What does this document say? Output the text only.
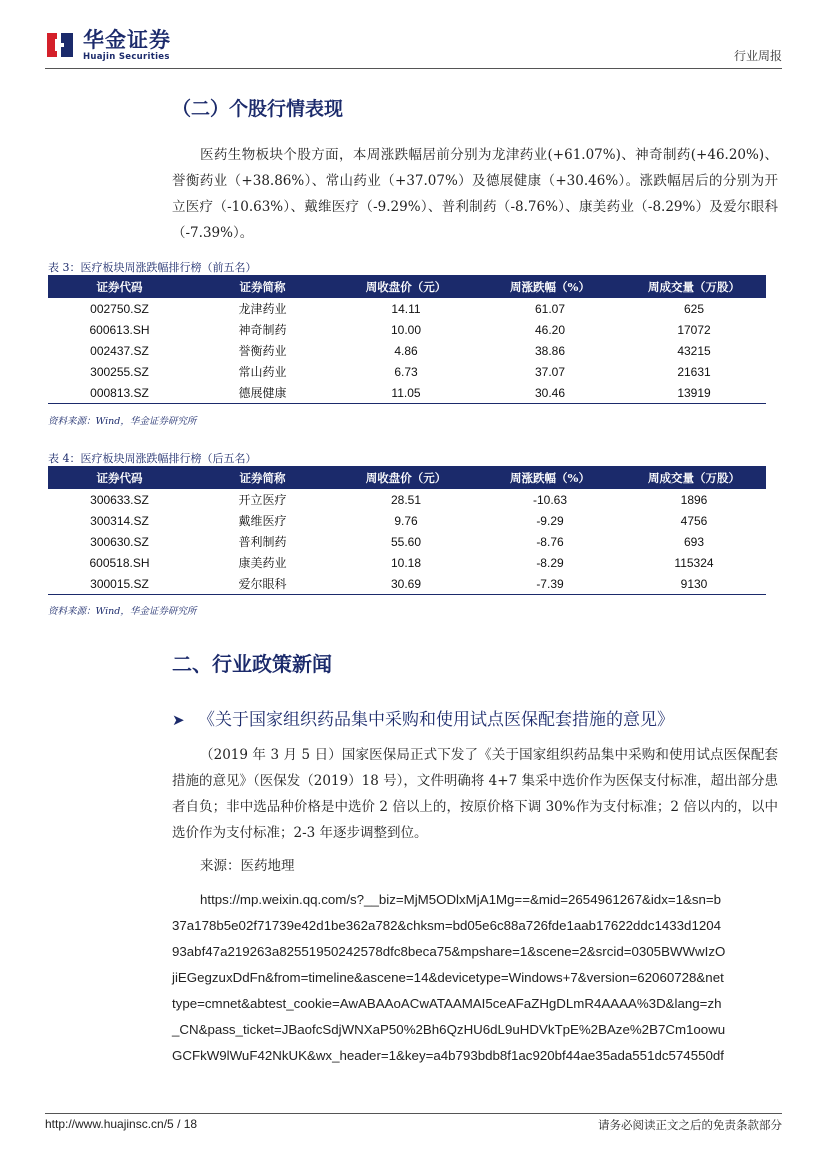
华金证券
Huajin Securities	行业周报
（二）个股行情表现
医药生物板块个股方面，本周涨跌幅居前分别为龙津药业(+61.07%)、神奇制药(+46.20%)、誉衡药业（+38.86%）、常山药业（+37.07%）及德展健康（+30.46%）。涨跌幅居后的分别为开立医疗（-10.63%）、戴维医疗（-9.29%）、普利制药（-8.76%）、康美药业（-8.29%）及爱尔眼科（-7.39%）。
表 3：医疗板块周涨跌幅排行榜（前五名）
证券代码	证券简称	周收盘价（元）	周涨跌幅（%）	周成交量（万股）
002750.SZ	龙津药业	14.11	61.07	625
600613.SH	神奇制药	10.00	46.20	17072
002437.SZ	誉衡药业	4.86	38.86	43215
300255.SZ	常山药业	6.73	37.07	21631
000813.SZ	德展健康	11.05	30.46	13919
资料来源：Wind，华金证券研究所
表 4：医疗板块周涨跌幅排行榜（后五名）
证券代码	证券简称	周收盘价（元）	周涨跌幅（%）	周成交量（万股）
300633.SZ	开立医疗	28.51	-10.63	1896
300314.SZ	戴维医疗	9.76	-9.29	4756
300630.SZ	普利制药	55.60	-8.76	693
600518.SH	康美药业	10.18	-8.29	115324
300015.SZ	爱尔眼科	30.69	-7.39	9130
资料来源：Wind，华金证券研究所
二、行业政策新闻
➤ 《关于国家组织药品集中采购和使用试点医保配套措施的意见》
（2019 年 3 月 5 日）国家医保局正式下发了《关于国家组织药品集中采购和使用试点医保配套措施的意见》（医保发（2019）18 号），文件明确将 4+7 集采中选价作为医保支付标准，超出部分患者自负；非中选品种价格是中选价 2 倍以上的，按原价格下调 30%作为支付标准；2 倍以内的，以中选价作为支付标准；2-3 年逐步调整到位。
来源：医药地理
https://mp.weixin.qq.com/s?__biz=MjM5ODlxMjA1Mg==&mid=2654961267&idx=1&sn=b
37a178b5e02f71739e42d1be362a782&chksm=bd05e6c88a726fde1aab17622ddc1433d1204
93abf47a219263a82551950242578dfc8beca75&mpshare=1&scene=2&srcid=0305BWWwIzO
jiEGegzuxDdFn&from=timeline&ascene=14&devicetype=Windows+7&version=62060728&net
type=cmnet&abtest_cookie=AwABAAoACwATAAMAI5ceAFaZHgDLmR4AAAA%3D&lang=zh
_CN&pass_ticket=JBaofcSdjWNXaP50%2Bh6QzHU6dL9uHDVkTpE%2BAze%2B7Cm1oowu
GCFkW9lWuF42NkUK&wx_header=1&key=a4b793bdb8f1ac920bf44ae35ada551dc574550df
http://www.huajinsc.cn/5 / 18	请务必阅读正文之后的免责条款部分
